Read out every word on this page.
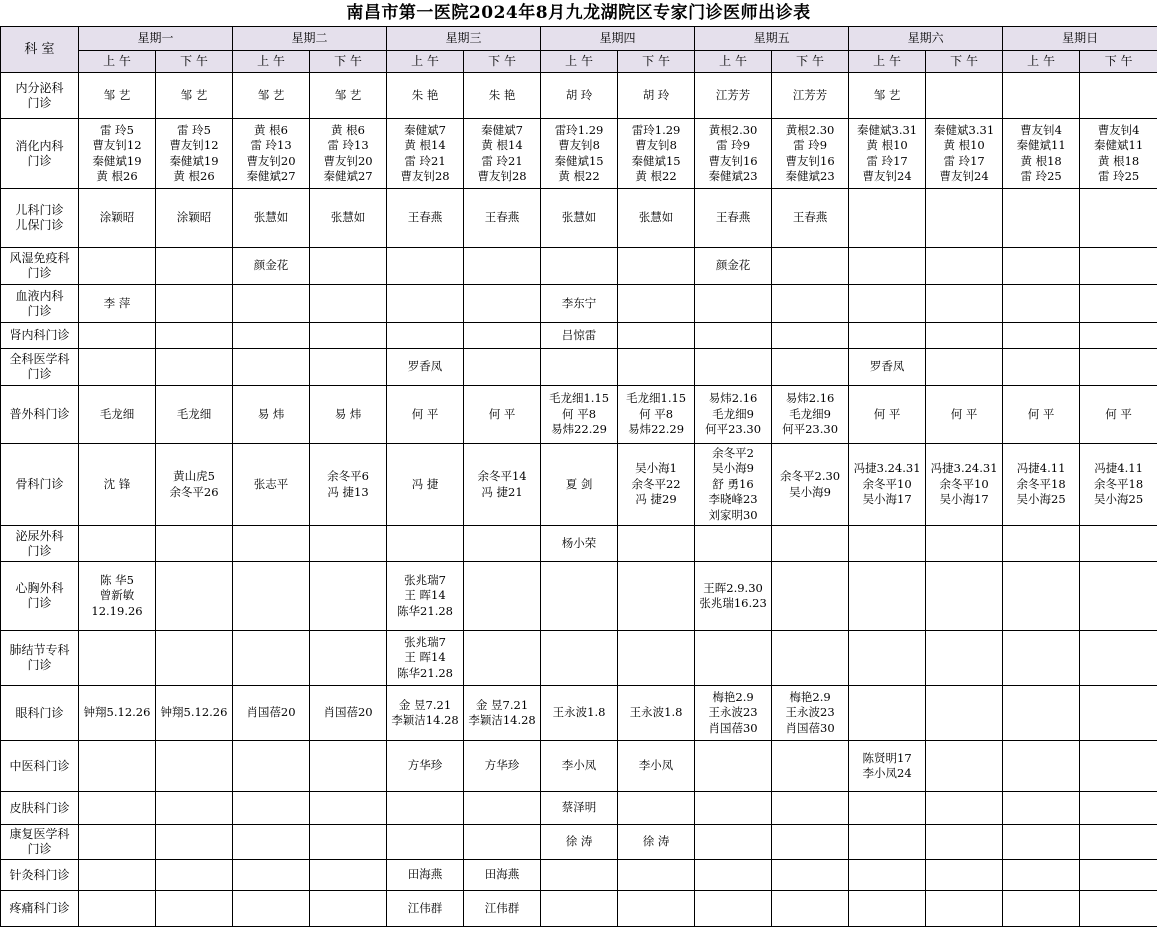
南昌市第一医院2024年8月九龙湖院区专家门诊医师出诊表
科 室	星期一		星期二		星期三		星期四		星期五		星期六		星期日	
	上 午	下 午	上 午	下 午	上 午	下 午	上 午	下 午	上 午	下 午	上 午	下 午	上 午	下 午
内分泌科
门诊	邹 艺	邹 艺	邹 艺	邹 艺	朱 艳	朱 艳	胡 玲	胡 玲	江芳芳	江芳芳	邹 艺			
消化内科
门诊	雷 玲5
曹友钊12
秦健斌19
黄 根26	雷 玲5
曹友钊12
秦健斌19
黄 根26	黄 根6
雷 玲13
曹友钊20
秦健斌27	黄 根6
雷 玲13
曹友钊20
秦健斌27	秦健斌7
黄 根14
雷 玲21
曹友钊28	秦健斌7
黄 根14
雷 玲21
曹友钊28	雷玲1.29
曹友钊8
秦健斌15
黄 根22	雷玲1.29
曹友钊8
秦健斌15
黄 根22	黄根2.30
雷 玲9
曹友钊16
秦健斌23	黄根2.30
雷 玲9
曹友钊16
秦健斌23	秦健斌3.31
黄 根10
雷 玲17
曹友钊24	秦健斌3.31
黄 根10
雷 玲17
曹友钊24	曹友钊4
秦健斌11
黄 根18
雷 玲25	曹友钊4
秦健斌11
黄 根18
雷 玲25
儿科门诊
儿保门诊	涂颖昭	涂颖昭	张慧如	张慧如	王春燕	王春燕	张慧如	张慧如	王春燕	王春燕				
风湿免疫科
门诊			颜金花						颜金花					
血液内科
门诊	李 萍						李东宁							
肾内科门诊							吕惊雷							
全科医学科
门诊					罗香凤						罗香凤			
普外科门诊	毛龙细	毛龙细	易 炜	易 炜	何 平	何 平	毛龙细1.15
何 平8
易炜22.29	毛龙细1.15
何 平8
易炜22.29	易炜2.16
毛龙细9
何平23.30	易炜2.16
毛龙细9
何平23.30	何 平	何 平	何 平	何 平
骨科门诊	沈 锋	黄山虎5
余冬平26	张志平	余冬平6
冯 捷13	冯 捷	余冬平14
冯 捷21	夏 剑	吴小海1
余冬平22
冯 捷29	余冬平2
吴小海9
舒 勇16
李晓峰23
刘家明30	余冬平2.30
吴小海9	冯捷3.24.31
余冬平10
吴小海17	冯捷3.24.31
余冬平10
吴小海17	冯捷4.11
余冬平18
吴小海25	冯捷4.11
余冬平18
吴小海25
泌尿外科
门诊							杨小荣							
心胸外科
门诊	陈 华5
曾新敏
12.19.26				张兆瑞7
王 晖14
陈华21.28				王晖2.9.30
张兆瑞16.23					
肺结节专科
门诊					张兆瑞7
王 晖14
陈华21.28									
眼科门诊	钟翔5.12.26	钟翔5.12.26	肖国蓓20	肖国蓓20	金 昱7.21
李颖洁14.28	金 昱7.21
李颖洁14.28	王永波1.8	王永波1.8	梅艳2.9
王永波23
肖国蓓30	梅艳2.9
王永波23
肖国蓓30				
中医科门诊					方华珍	方华珍	李小凤	李小凤			陈贤明17
李小凤24			
皮肤科门诊							蔡泽明							
康复医学科
门诊							徐 涛	徐 涛						
针灸科门诊					田海燕	田海燕								
疼痛科门诊					江伟群	江伟群								
